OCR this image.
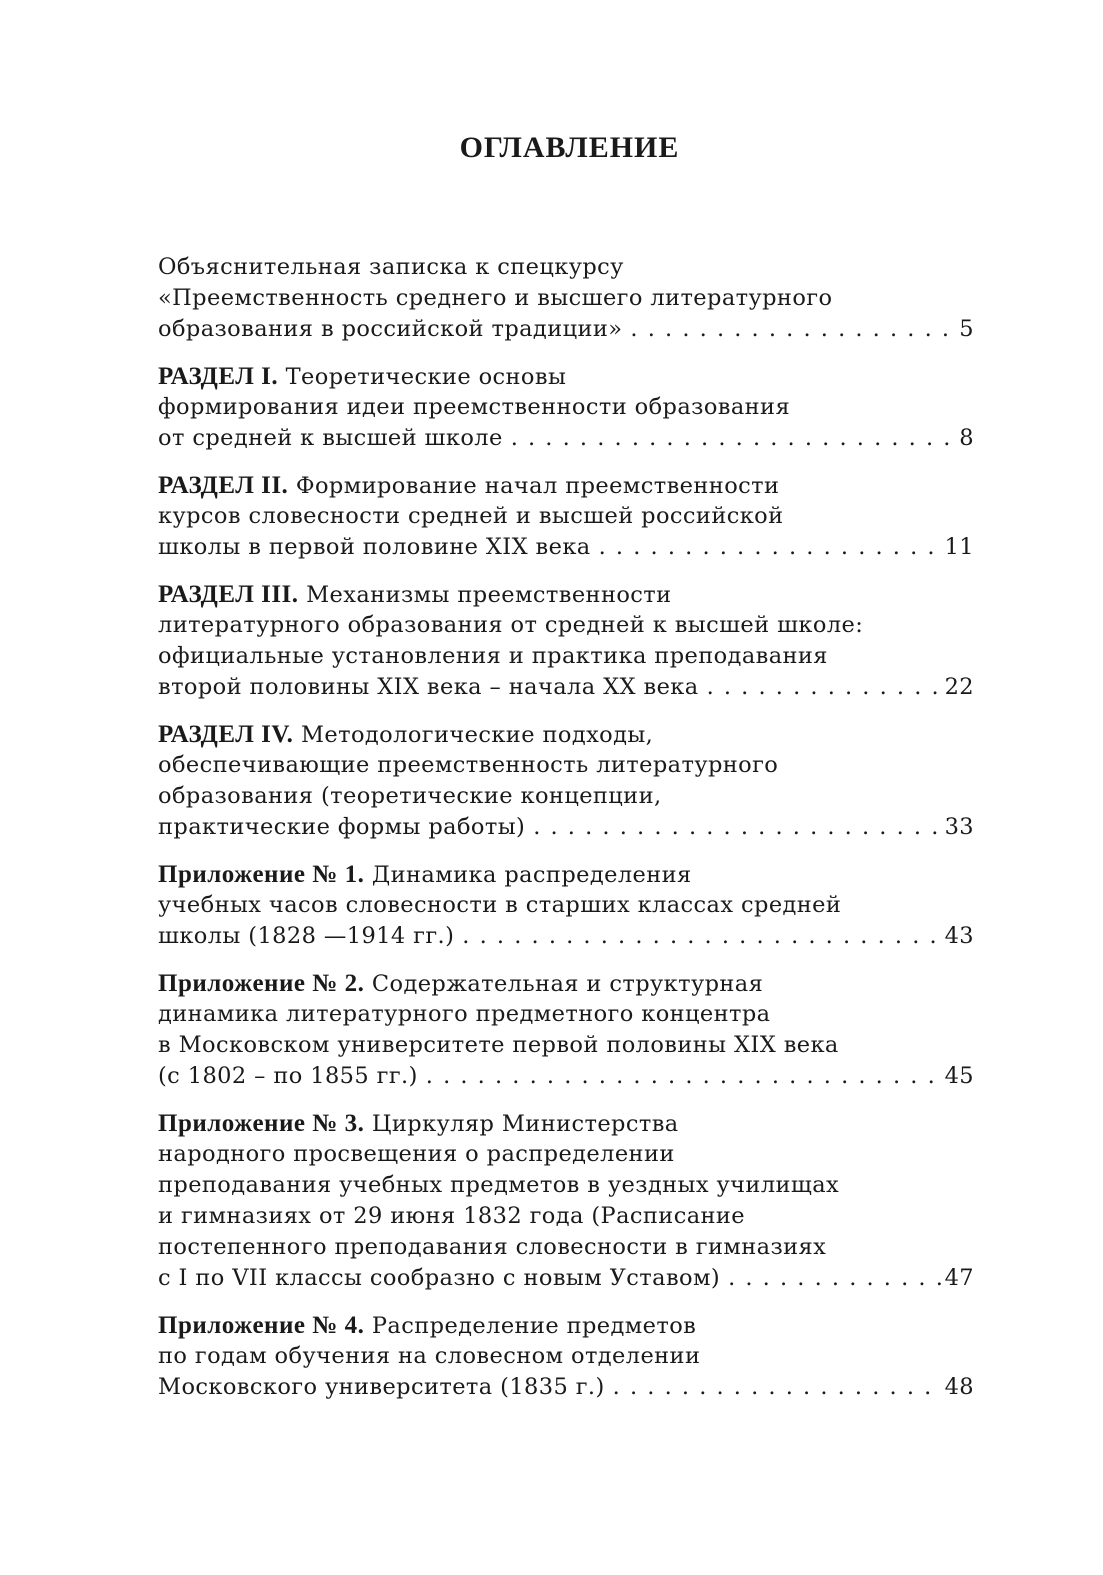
ОГЛАВЛЕНИЕ
Объяснительная записка к спецкурсу
«Преемственность среднего и высшего литературного
образования в российской традиции» . . .	5
РАЗДЕЛ I. Теоретические основы
формирования идеи преемственности образования
от средней к высшей школе . . .	8
РАЗДЕЛ II. Формирование начал преемственности
курсов словесности средней и высшей российской
школы в первой половине XIX века . . .	11
РАЗДЕЛ III. Механизмы преемственности
литературного образования от средней к высшей школе:
официальные установления и практика преподавания
второй половины XIX века – начала XX века . . .	22
РАЗДЕЛ IV. Методологические подходы,
обеспечивающие преемственность литературного
образования (теоретические концепции,
практические формы работы) . . .	33
Приложение № 1. Динамика распределения
учебных часов словесности в старших классах средней
школы (1828 —1914 гг.) . . .	43
Приложение № 2. Содержательная и структурная
динамика литературного предметного концентра
в Московском университете первой половины XIX века
(с 1802 – по 1855 гг.) . . .	45
Приложение № 3. Циркуляр Министерства
народного просвещения о распределении
преподавания учебных предметов в уездных училищах
и гимназиях от 29 июня 1832 года (Расписание
постепенного преподавания словесности в гимназиях
с I по VII классы сообразно с новым Уставом) . . .	47
Приложение № 4. Распределение предметов
по годам обучения на словесном отделении
Московского университета (1835 г.) . . .	48
